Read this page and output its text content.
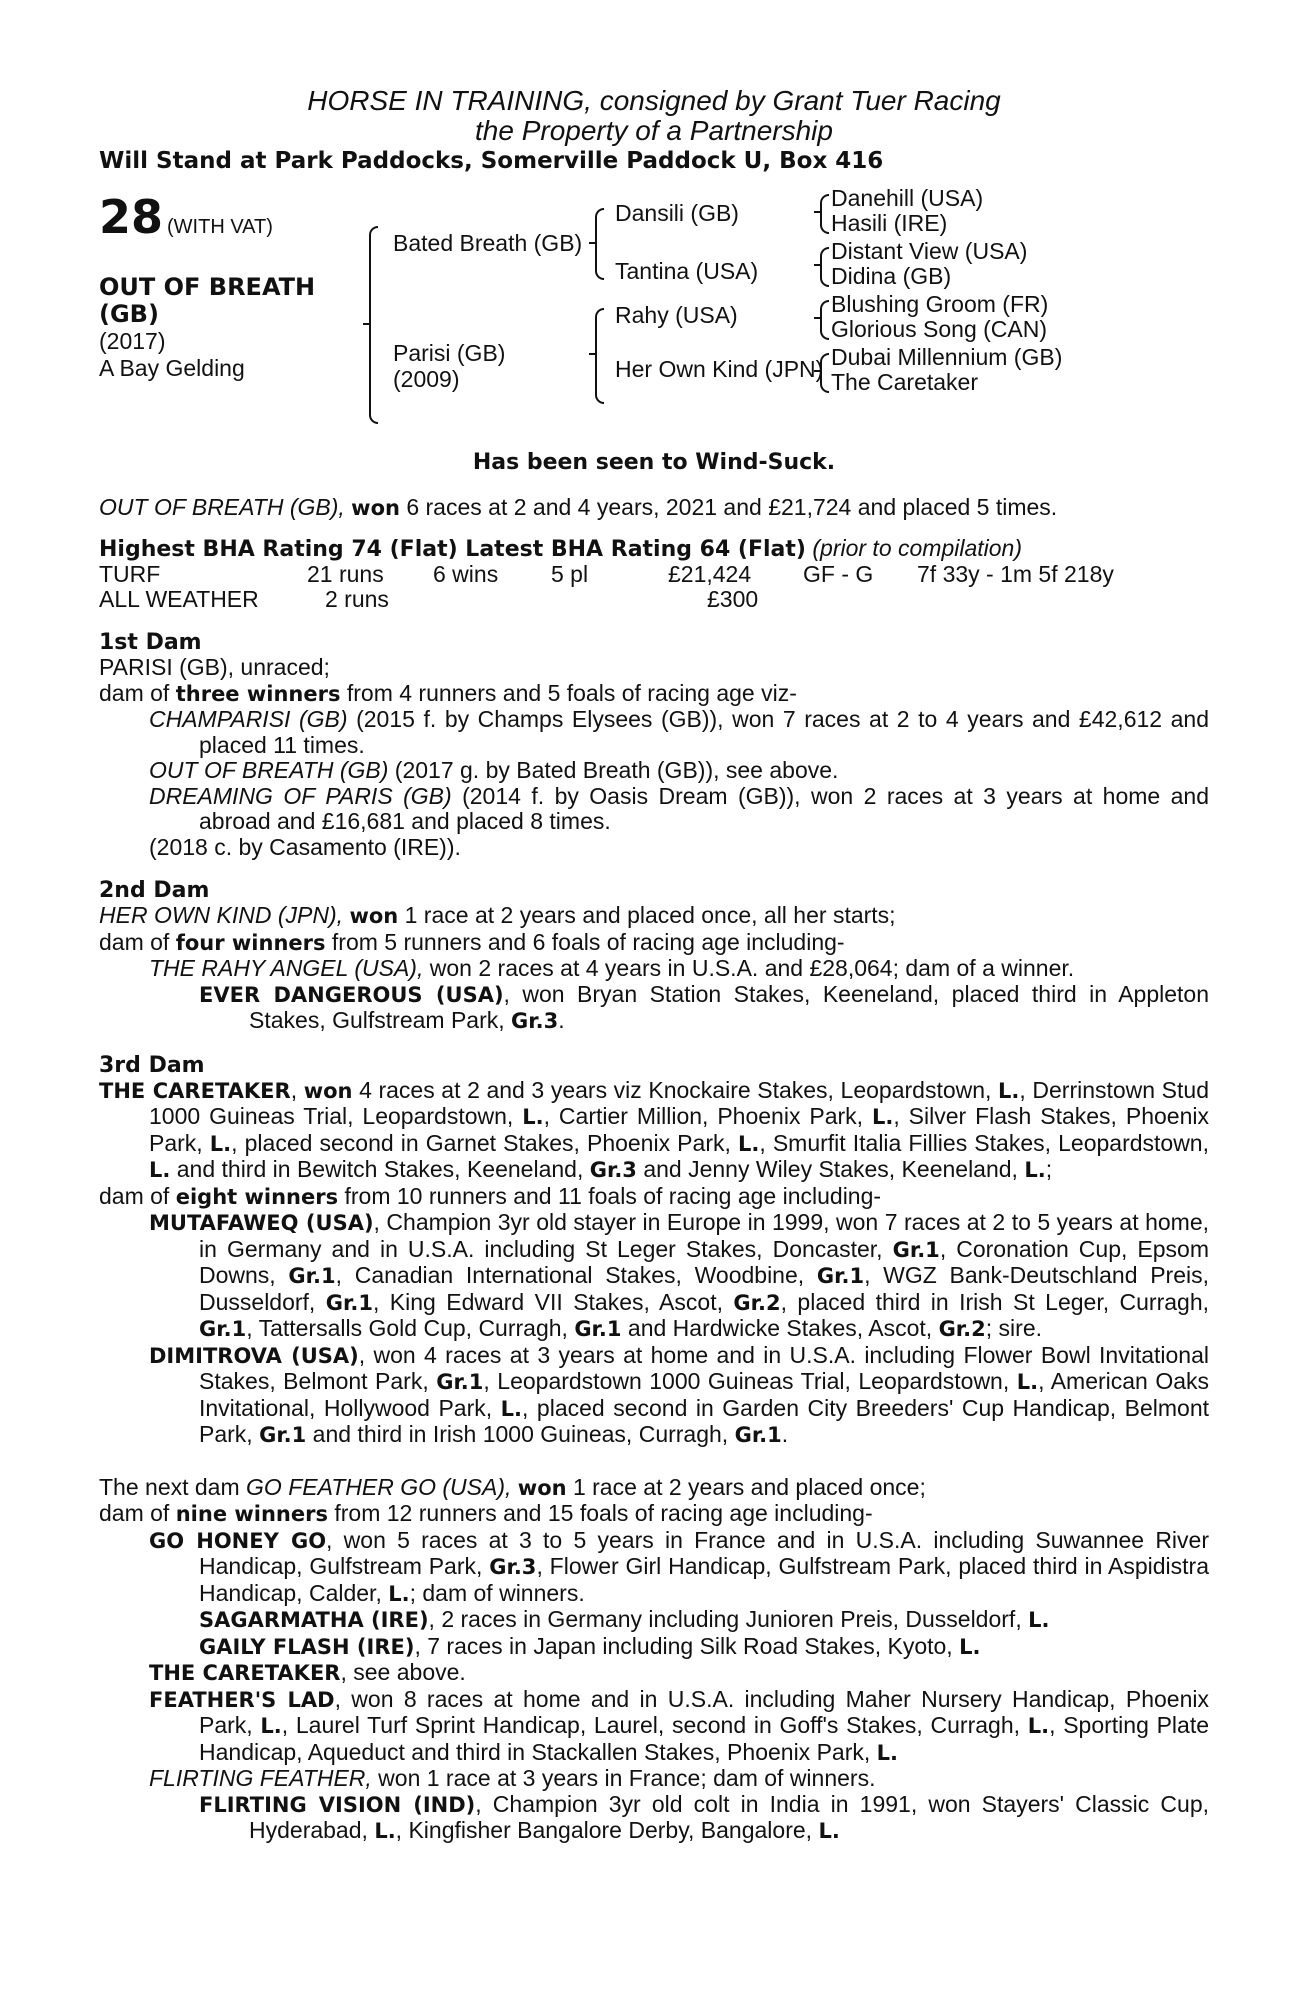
HORSE IN TRAINING, consigned by Grant Tuer Racing
the Property of a Partnership
Will Stand at Park Paddocks, Somerville Paddock U, Box 416
28 (WITH VAT)
OUT OF BREATH
(GB)
(2017)
A Bay Gelding
Bated Breath (GB)
Parisi (GB)
(2009)
Dansili (GB)
Tantina (USA)
Rahy (USA)
Her Own Kind (JPN)
Danehill (USA)
Hasili (IRE)
Distant View (USA)
Didina (GB)
Blushing Groom (FR)
Glorious Song (CAN)
Dubai Millennium (GB)
The Caretaker
Has been seen to Wind-Suck.
OUT OF BREATH (GB), won 6 races at 2 and 4 years, 2021 and £21,724 and placed 5 times.
Highest BHA Rating 74 (Flat) Latest BHA Rating 64 (Flat) (prior to compilation)
TURF	21 runs 6 wins 5 pl	£21,424 GF - G 7f 33y - 1m 5f 218y
ALL WEATHER	2 runs	£300
1st Dam

PARISI (GB), unraced;

dam of three winners from 4 runners and 5 foals of racing age viz-

CHAMPARISI (GB) (2015 f. by Champs Elysees (GB)), won 7 races at 2 to 4 years and £42,612 and placed 11 times.

OUT OF BREATH (GB) (2017 g. by Bated Breath (GB)), see above.

DREAMING OF PARIS (GB) (2014 f. by Oasis Dream (GB)), won 2 races at 3 years at home and abroad and £16,681 and placed 8 times.

(2018 c. by Casamento (IRE)).

2nd Dam

HER OWN KIND (JPN), won 1 race at 2 years and placed once, all her starts;

dam of four winners from 5 runners and 6 foals of racing age including-

THE RAHY ANGEL (USA), won 2 races at 4 years in U.S.A. and £28,064; dam of a winner.

EVER DANGEROUS (USA), won Bryan Station Stakes, Keeneland, placed third in Appleton Stakes, Gulfstream Park, Gr.3.

3rd Dam

THE CARETAKER, won 4 races at 2 and 3 years viz Knockaire Stakes, Leopardstown, L., Derrinstown Stud 1000 Guineas Trial, Leopardstown, L., Cartier Million, Phoenix Park, L., Silver Flash Stakes, Phoenix Park, L., placed second in Garnet Stakes, Phoenix Park, L., Smurfit Italia Fillies Stakes, Leopardstown, L. and third in Bewitch Stakes, Keeneland, Gr.3 and Jenny Wiley Stakes, Keeneland, L.;

dam of eight winners from 10 runners and 11 foals of racing age including-

MUTAFAWEQ (USA), Champion 3yr old stayer in Europe in 1999, won 7 races at 2 to 5 years at home, in Germany and in U.S.A. including St Leger Stakes, Doncaster, Gr.1, Coronation Cup, Epsom Downs, Gr.1, Canadian International Stakes, Woodbine, Gr.1, WGZ Bank-Deutschland Preis, Dusseldorf, Gr.1, King Edward VII Stakes, Ascot, Gr.2, placed third in Irish St Leger, Curragh, Gr.1, Tattersalls Gold Cup, Curragh, Gr.1 and Hardwicke Stakes, Ascot, Gr.2; sire.

DIMITROVA (USA), won 4 races at 3 years at home and in U.S.A. including Flower Bowl Invitational Stakes, Belmont Park, Gr.1, Leopardstown 1000 Guineas Trial, Leopardstown, L., American Oaks Invitational, Hollywood Park, L., placed second in Garden City Breeders' Cup Handicap, Belmont Park, Gr.1 and third in Irish 1000 Guineas, Curragh, Gr.1.

The next dam GO FEATHER GO (USA), won 1 race at 2 years and placed once;

dam of nine winners from 12 runners and 15 foals of racing age including-

GO HONEY GO, won 5 races at 3 to 5 years in France and in U.S.A. including Suwannee River Handicap, Gulfstream Park, Gr.3, Flower Girl Handicap, Gulfstream Park, placed third in Aspidistra Handicap, Calder, L.; dam of winners.

SAGARMATHA (IRE), 2 races in Germany including Junioren Preis, Dusseldorf, L.

GAILY FLASH (IRE), 7 races in Japan including Silk Road Stakes, Kyoto, L.

THE CARETAKER, see above.

FEATHER'S LAD, won 8 races at home and in U.S.A. including Maher Nursery Handicap, Phoenix Park, L., Laurel Turf Sprint Handicap, Laurel, second in Goff's Stakes, Curragh, L., Sporting Plate Handicap, Aqueduct and third in Stackallen Stakes, Phoenix Park, L.

FLIRTING FEATHER, won 1 race at 3 years in France; dam of winners.

FLIRTING VISION (IND), Champion 3yr old colt in India in 1991, won Stayers' Classic Cup, Hyderabad, L., Kingfisher Bangalore Derby, Bangalore, L.
